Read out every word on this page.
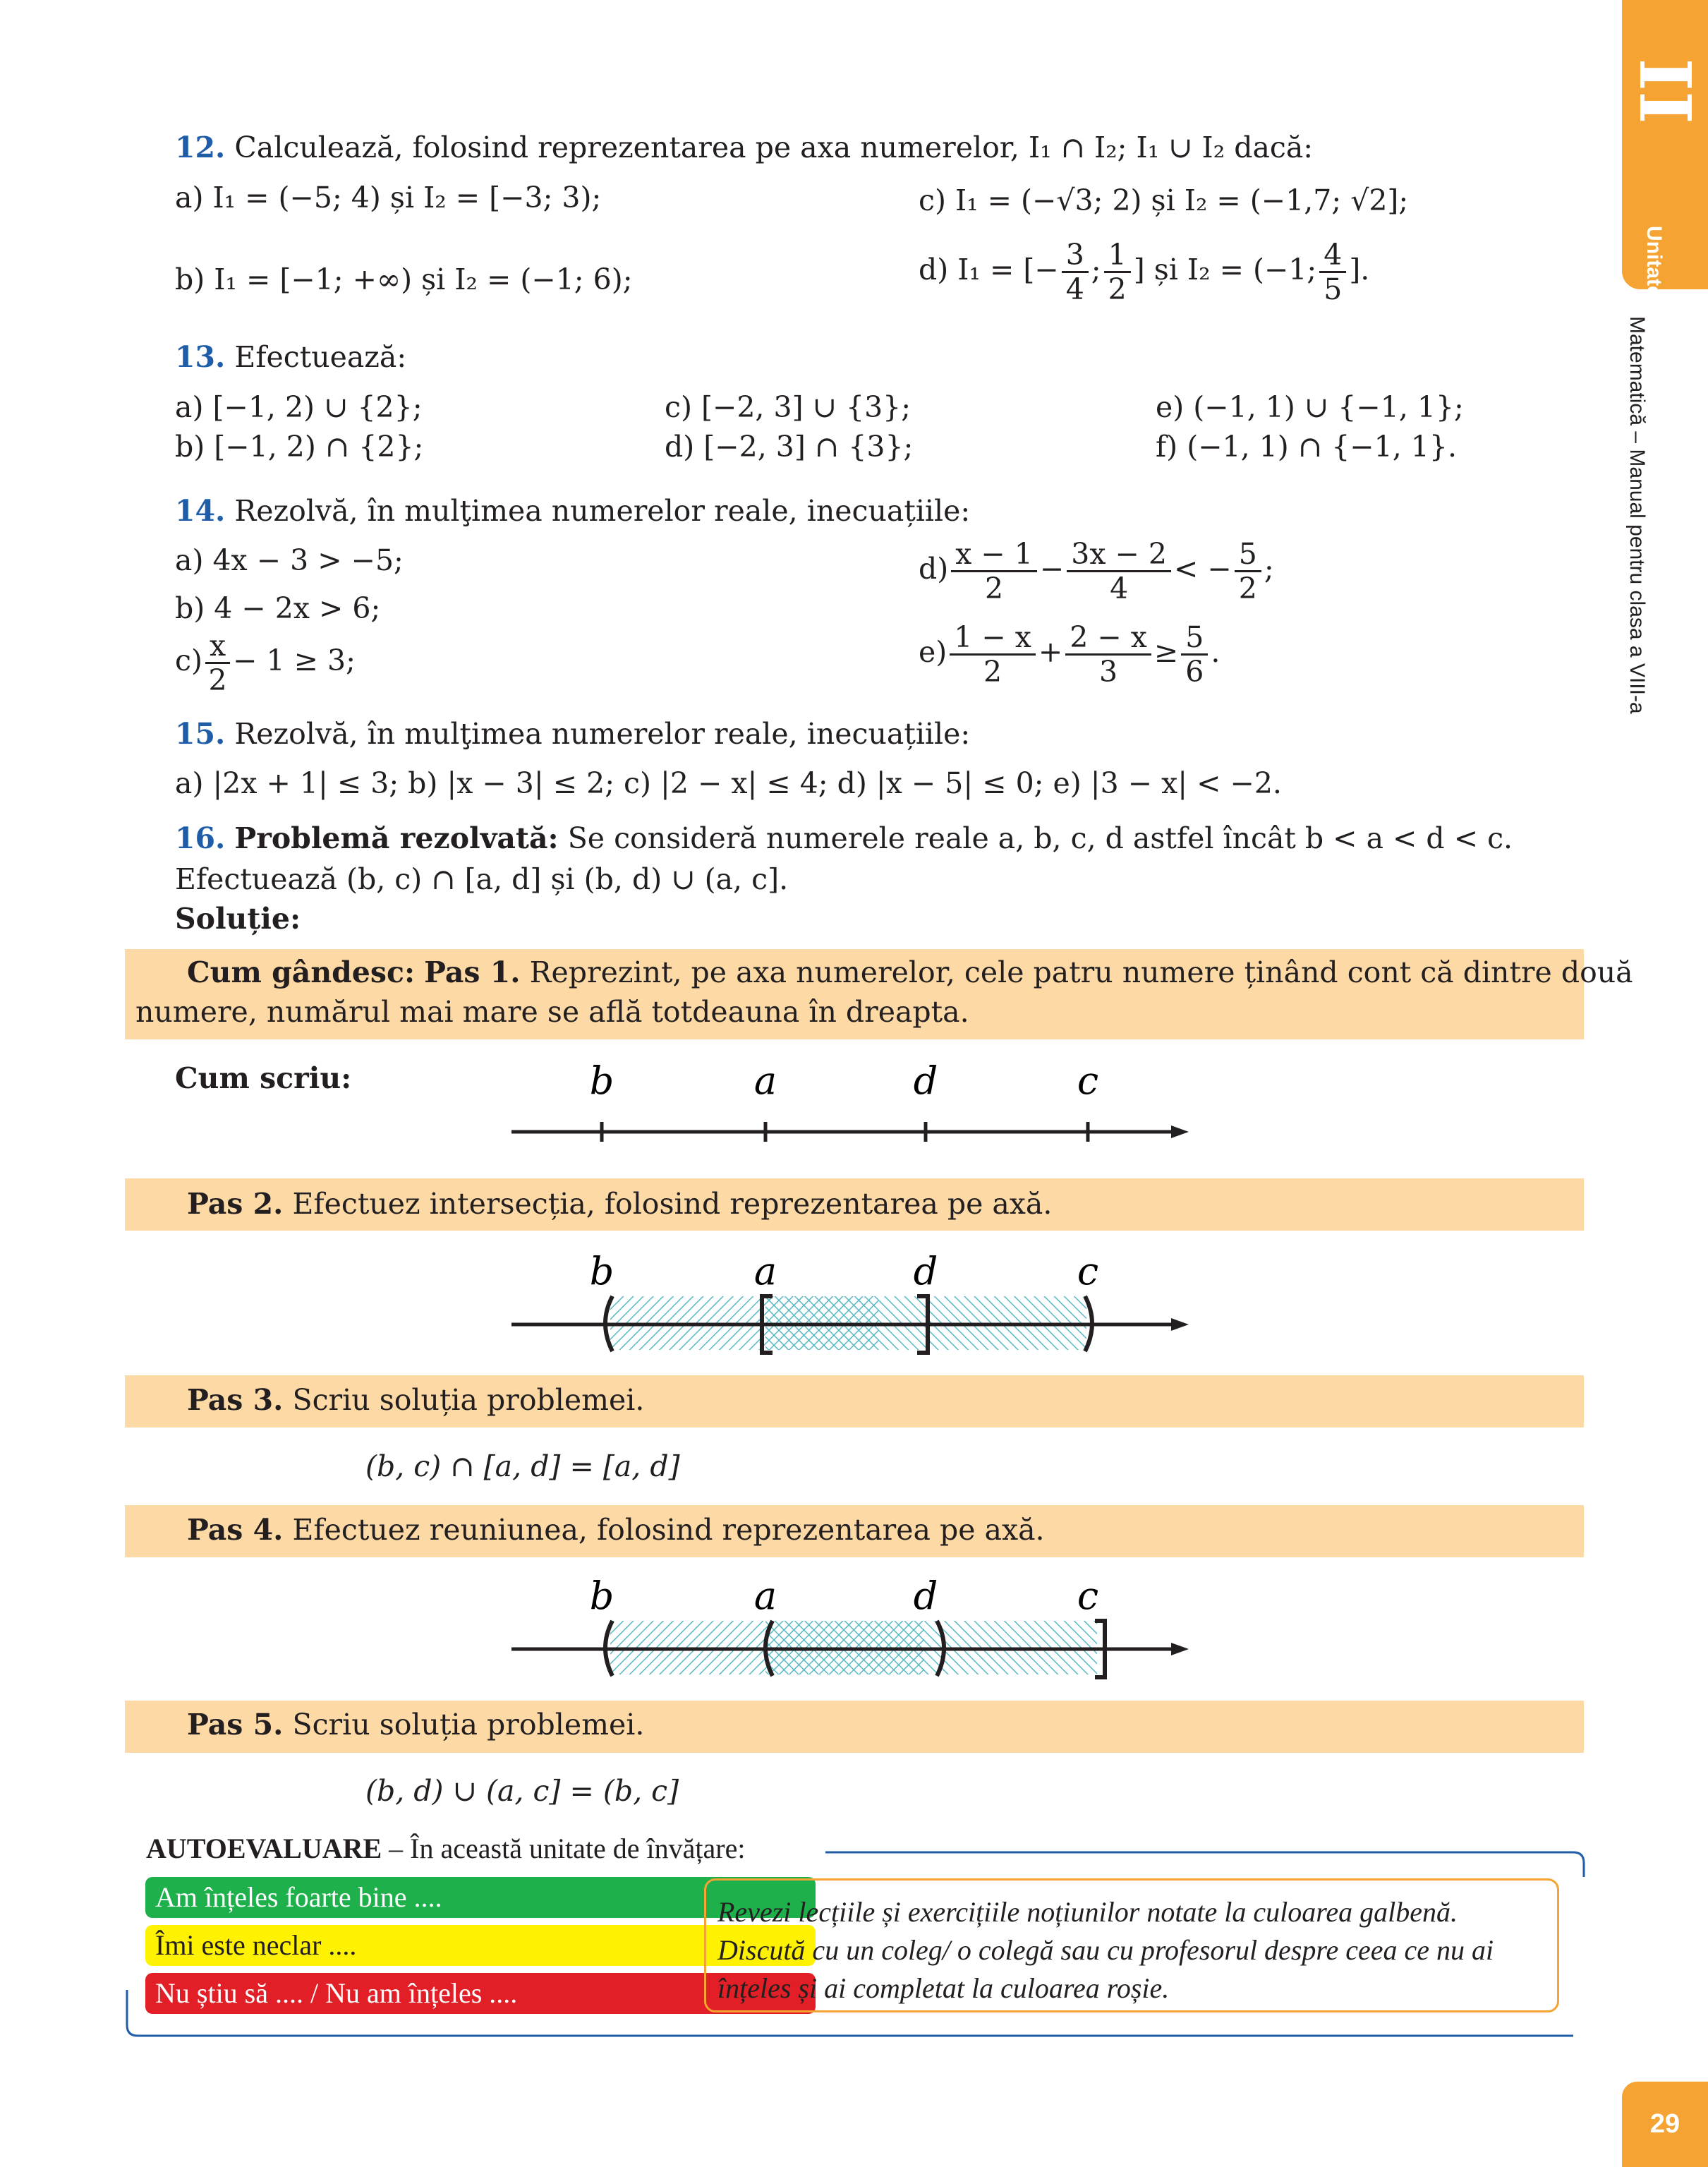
II
Unitatea
Matematică – Manual pentru clasa a VIII-a
29
12. Calculează, folosind reprezentarea pe axa numerelor, I₁ ∩ I₂; I₁ ∪ I₂ dacă:
a) I₁ = (−5; 4) și I₂ = [−3; 3);
b) I₁ = [−1; +∞) și I₂ = (−1; 6);
c) I₁ = (−√3; 2) și I₂ = (−1,7; √2];
d) I₁ = [− $\frac{3}{4}$ ; $\frac{1}{2}$ ] și I₂ = (−1; $\frac{4}{5}$ ].
13. Efectuează:
a) [−1, 2) ∪ {2};
b) [−1, 2) ∩ {2};
c) [−2, 3] ∪ {3};
d) [−2, 3] ∩ {3};
e) (−1, 1) ∪ {−1, 1};
f) (−1, 1) ∩ {−1, 1}.
14. Rezolvă, în mulţimea numerelor reale, inecuațiile:
a) 4x − 3 > −5;
b) 4 − 2x > 6;
$c) \frac{x}{2} - 1 \ge 3$;
$d) \frac{x - 1}{2} - \frac{3x - 2}{4}$ < − $\frac{5}{2}$ ;
$e) \frac{1 - x}{2} + \frac{2 - x}{3} \ge \frac{5}{6}$ .
15. Rezolvă, în mulţimea numerelor reale, inecuațiile:
a) |2x + 1| ≤ 3; b) |x − 3| ≤ 2; c) |2 − x| ≤ 4; d) |x − 5| ≤ 0; e) |3 − x| < −2.
16. Problemă rezolvată: Se consideră numerele reale a, b, c, d astfel încât b < a < d < c.
Efectuează (b, c) ∩ [a, d] și (b, d) ∪ (a, c].
Soluție:
Cum gândesc: Pas 1. Reprezint, pe axa numerelor, cele patru numere ținând cont că dintre două
numere, numărul mai mare se află totdeauna în dreapta.
Cum scriu:	b	a	d	c
Pas 2. Efectuez intersecția, folosind reprezentarea pe axă.
b	a	d	c
Pas 3. Scriu soluția problemei.
(b, c) ∩ [a, d] = [a, d]
Pas 4. Efectuez reuniunea, folosind reprezentarea pe axă.
b	a	d	c
Pas 5. Scriu soluția problemei.
(b, d) ∪ (a, c] = (b, c]
AUTOEVALUARE – În această unitate de învățare:
Am înțeles foarte bine ....
Îmi este neclar ....
Nu știu să .... / Nu am înțeles ....
Revezi lecțiile și exercițiile noțiunilor notate la culoarea galbenă.
Discută cu un coleg/ o colegă sau cu profesorul despre ceea ce nu ai
înțeles și ai completat la culoarea roșie.
